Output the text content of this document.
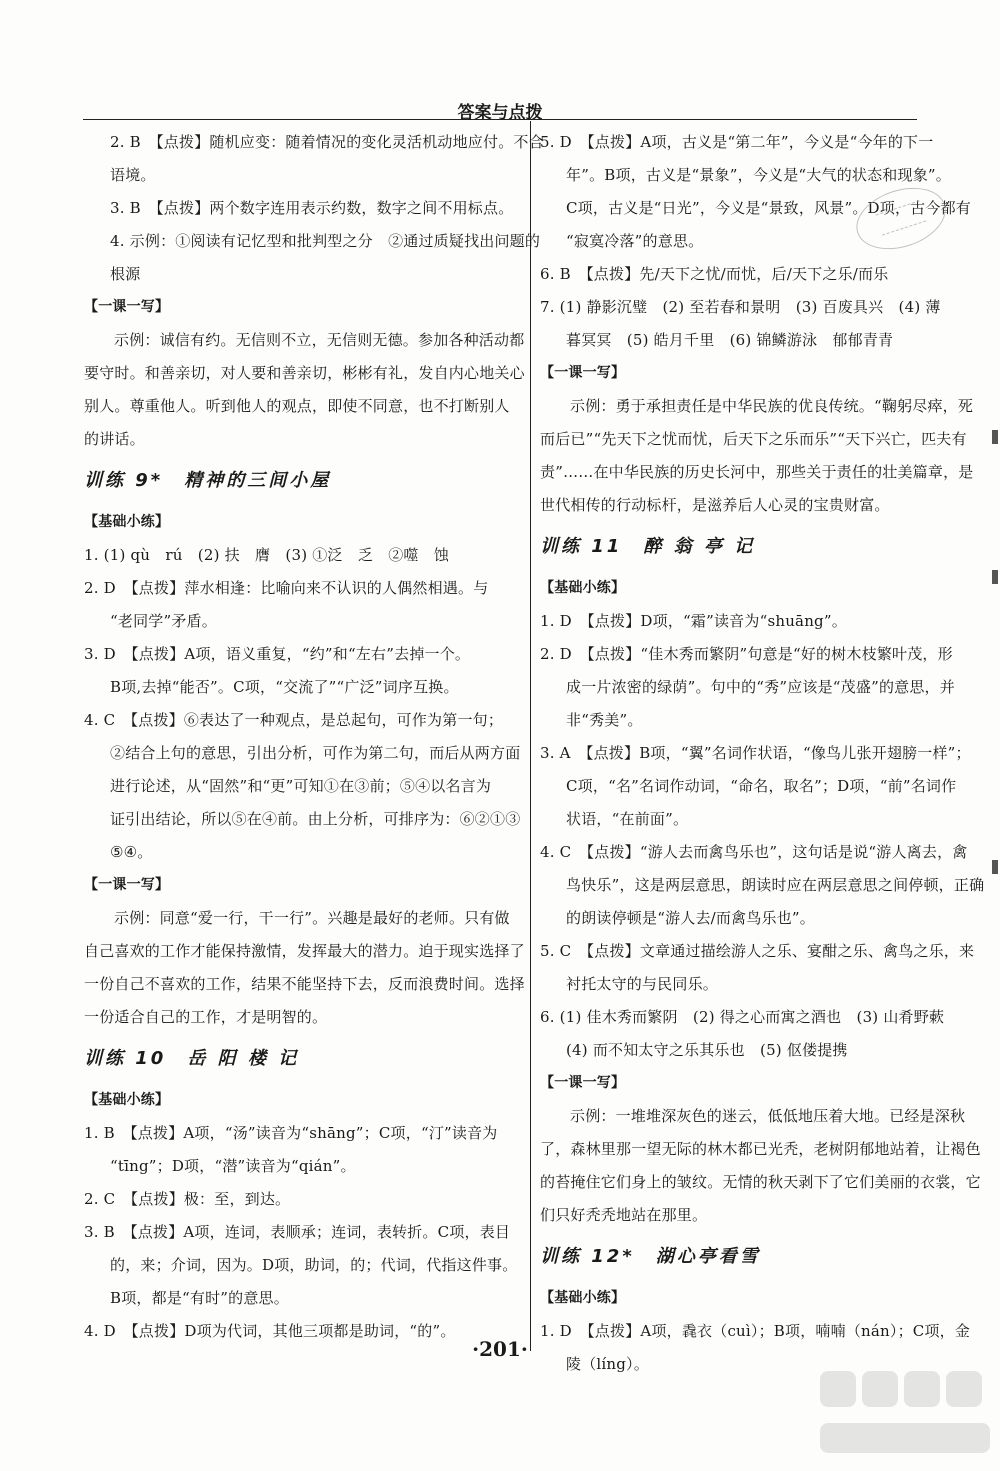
答案与点拨

2. B　【点拨】随机应变：随着情况的变化灵活机动地应付。不合

语境。

3. B　【点拨】两个数字连用表示约数，数字之间不用标点。

4. 示例：①阅读有记忆型和批判型之分　②通过质疑找出问题的

根源

【一课一写】

示例：诚信有约。无信则不立，无信则无德。参加各种活动都

要守时。和善亲切，对人要和善亲切，彬彬有礼，发自内心地关心

别人。尊重他人。听到他人的观点，即使不同意，也不打断别人

的讲话。

训练 9*　精神的三间小屋

【基础小练】

1. (1) qù　rú　(2) 扶　膺　(3) ①泛　乏　②噬　蚀

2. D　【点拨】萍水相逢：比喻向来不认识的人偶然相遇。与

“老同学”矛盾。

3. D　【点拨】A项，语义重复，“约”和“左右”去掉一个。

B项,去掉“能否”。C项，“交流了”“广泛”词序互换。

4. C　【点拨】⑥表达了一种观点，是总起句，可作为第一句；

②结合上句的意思，引出分析，可作为第二句，而后从两方面

进行论述，从“固然”和“更”可知①在③前；⑤④以名言为

证引出结论，所以⑤在④前。由上分析，可排序为：⑥②①③

⑤④。

【一课一写】

示例：同意“爱一行，干一行”。兴趣是最好的老师。只有做

自己喜欢的工作才能保持激情，发挥最大的潜力。迫于现实选择了

一份自己不喜欢的工作，结果不能坚持下去，反而浪费时间。选择

一份适合自己的工作，才是明智的。

训练 10　岳 阳 楼 记

【基础小练】

1. B　【点拨】A项，“汤”读音为“shāng”；C项，“汀”读音为

“tīng”；D项，“潜”读音为“qián”。

2. C　【点拨】极：至，到达。

3. B　【点拨】A项，连词，表顺承；连词，表转折。C项，表目

的，来；介词，因为。D项，助词，的；代词，代指这件事。

B项，都是“有时”的意思。

4. D　【点拨】D项为代词，其他三项都是助词，“的”。

5. D　【点拨】A项，古义是“第二年”，今义是“今年的下一

年”。B项，古义是“景象”，今义是“大气的状态和现象”。

C项，古义是“日光”，今义是“景致，风景”。D项，古今都有

“寂寞冷落”的意思。

6. B　【点拨】先/天下之忧/而忧，后/天下之乐/而乐

7. (1) 静影沉璧　(2) 至若春和景明　(3) 百废具兴　(4) 薄

暮冥冥　(5) 皓月千里　(6) 锦鳞游泳　郁郁青青

【一课一写】

示例：勇于承担责任是中华民族的优良传统。“鞠躬尽瘁，死

而后已”“先天下之忧而忧，后天下之乐而乐”“天下兴亡，匹夫有

责”……在中华民族的历史长河中，那些关于责任的壮美篇章，是

世代相传的行动标杆，是滋养后人心灵的宝贵财富。

训练 11　醉 翁 亭 记

【基础小练】

1. D　【点拨】D项，“霜”读音为“shuāng”。

2. D　【点拨】“佳木秀而繁阴”句意是“好的树木枝繁叶茂，形

成一片浓密的绿荫”。句中的“秀”应该是“茂盛”的意思，并

非“秀美”。

3. A　【点拨】B项，“翼”名词作状语，“像鸟儿张开翅膀一样”；

C项，“名”名词作动词，“命名，取名”；D项，“前”名词作

状语，“在前面”。

4. C　【点拨】“游人去而禽鸟乐也”，这句话是说“游人离去，禽

鸟快乐”，这是两层意思，朗读时应在两层意思之间停顿，正确

的朗读停顿是“游人去/而禽鸟乐也”。

5. C　【点拨】文章通过描绘游人之乐、宴酣之乐、禽鸟之乐，来

衬托太守的与民同乐。

6. (1) 佳木秀而繁阴　(2) 得之心而寓之酒也　(3) 山肴野蔌

(4) 而不知太守之乐其乐也　(5) 伛偻提携

【一课一写】

示例：一堆堆深灰色的迷云，低低地压着大地。已经是深秋

了，森林里那一望无际的林木都已光秃，老树阴郁地站着，让褐色

的苔掩住它们身上的皱纹。无情的秋天剥下了它们美丽的衣裳，它

们只好秃秃地站在那里。

训练 12*　湖心亭看雪

【基础小练】

1. D　【点拨】A项，毳衣（cuì）；B项，喃喃（nán）；C项，金

陵（líng）。

·201·
